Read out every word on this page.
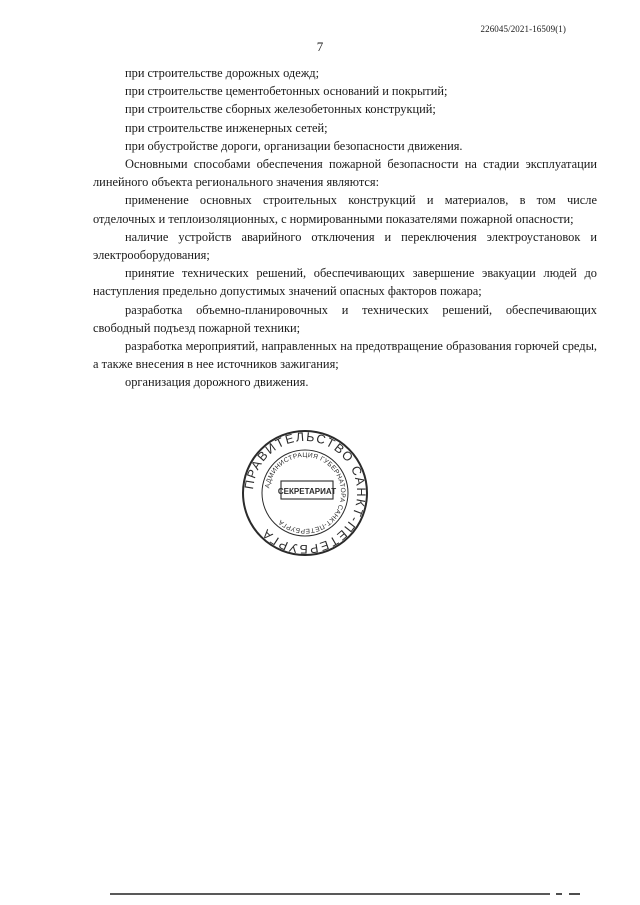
226045/2021-16509(1)
7

при строительстве дорожных одежд;

при строительстве цементобетонных оснований и покрытий;

при строительстве сборных железобетонных конструкций;

при строительстве инженерных сетей;

при обустройстве дороги, организации безопасности движения.

Основными способами обеспечения пожарной безопасности на стадии эксплуатации линейного объекта регионального значения являются:

применение основных строительных конструкций и материалов, в том числе отделочных и теплоизоляционных, с нормированными показателями пожарной опасности;

наличие устройств аварийного отключения и переключения электроустановок и электрооборудования;

принятие технических решений, обеспечивающих завершение эвакуации людей до наступления предельно допустимых значений опасных факторов пожара;

разработка объемно-планировочных и технических решений, обеспечивающих свободный подъезд пожарной техники;

разработка мероприятий, направленных на предотвращение образования горючей среды, а также внесения в нее источников зажигания;

организация дорожного движения.

ПРАВИТЕЛЬСТВО САНКТ-ПЕТЕРБУРГА
АДМИНИСТРАЦИЯ ГУБЕРНАТОРА САНКТ-ПЕТЕРБУРГА
СЕКРЕТАРИАТ
